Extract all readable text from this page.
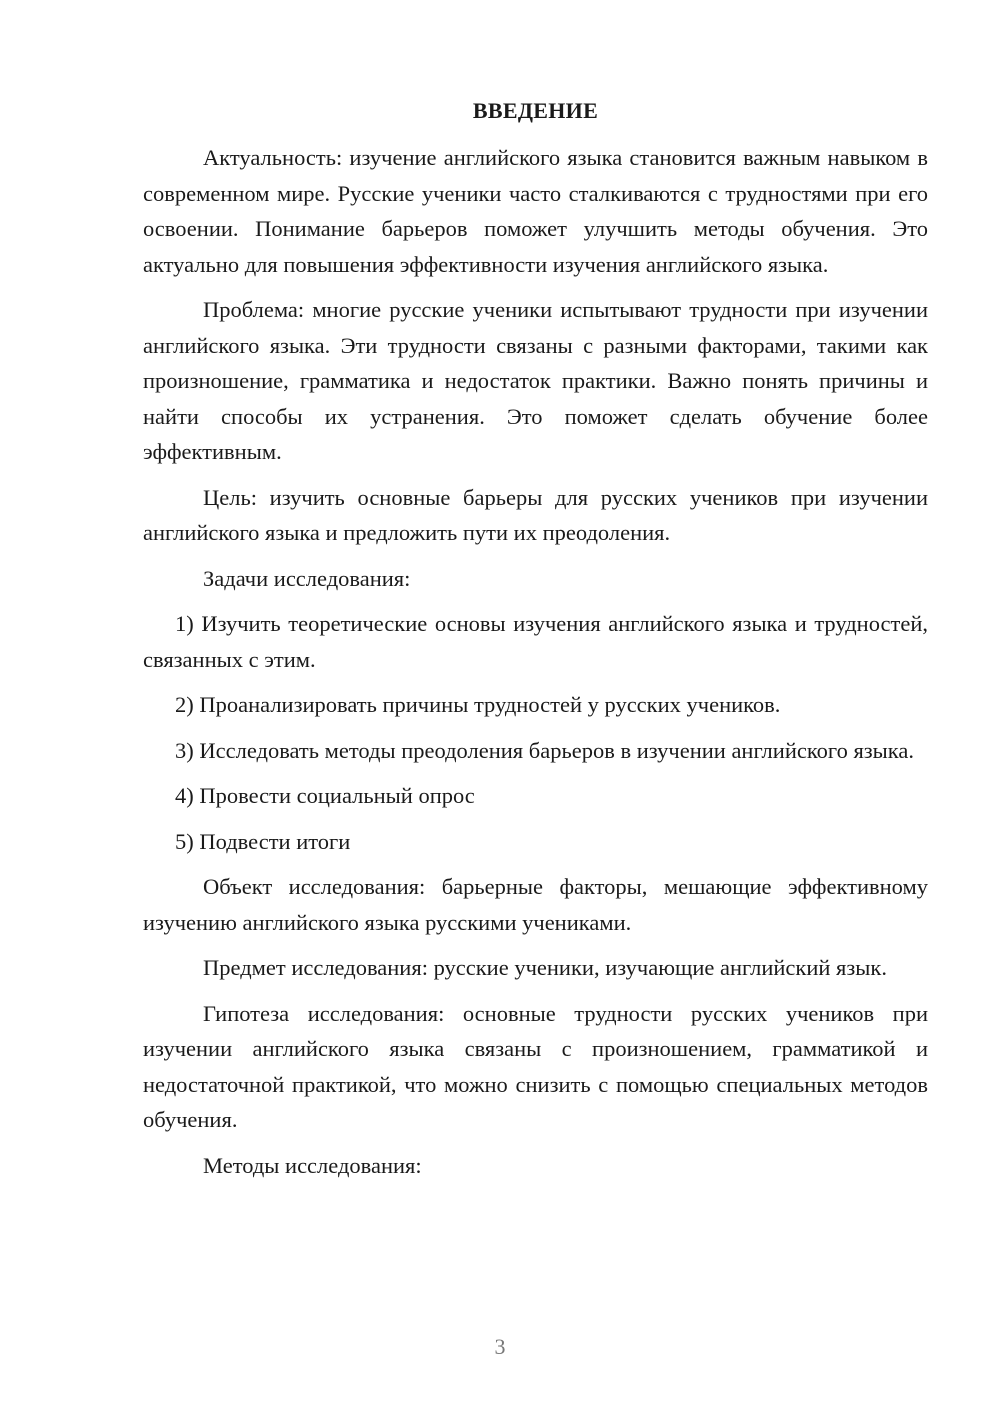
ВВЕДЕНИЕ

Актуальность: изучение английского языка становится важным навыком в современном мире. Русские ученики часто сталкиваются с трудностями при его освоении. Понимание барьеров поможет улучшить методы обучения. Это актуально для повышения эффективности изучения английского языка.

Проблема: многие русские ученики испытывают трудности при изучении английского языка. Эти трудности связаны с разными факторами, такими как произношение, грамматика и недостаток практики. Важно понять причины и найти способы их устранения. Это поможет сделать обучение более эффективным.

Цель: изучить основные барьеры для русских учеников при изучении английского языка и предложить пути их преодоления.

Задачи исследования:

1) Изучить теоретические основы изучения английского языка и трудностей, связанных с этим.

2) Проанализировать причины трудностей у русских учеников.

3) Исследовать методы преодоления барьеров в изучении английского языка.

4) Провести социальный опрос

5) Подвести итоги

Объект исследования: барьерные факторы, мешающие эффективному изучению английского языка русскими учениками.

Предмет исследования: русские ученики, изучающие английский язык.

Гипотеза исследования: основные трудности русских учеников при изучении английского языка связаны с произношением, грамматикой и недостаточной практикой, что можно снизить с помощью специальных методов обучения.

Методы исследования:

3
